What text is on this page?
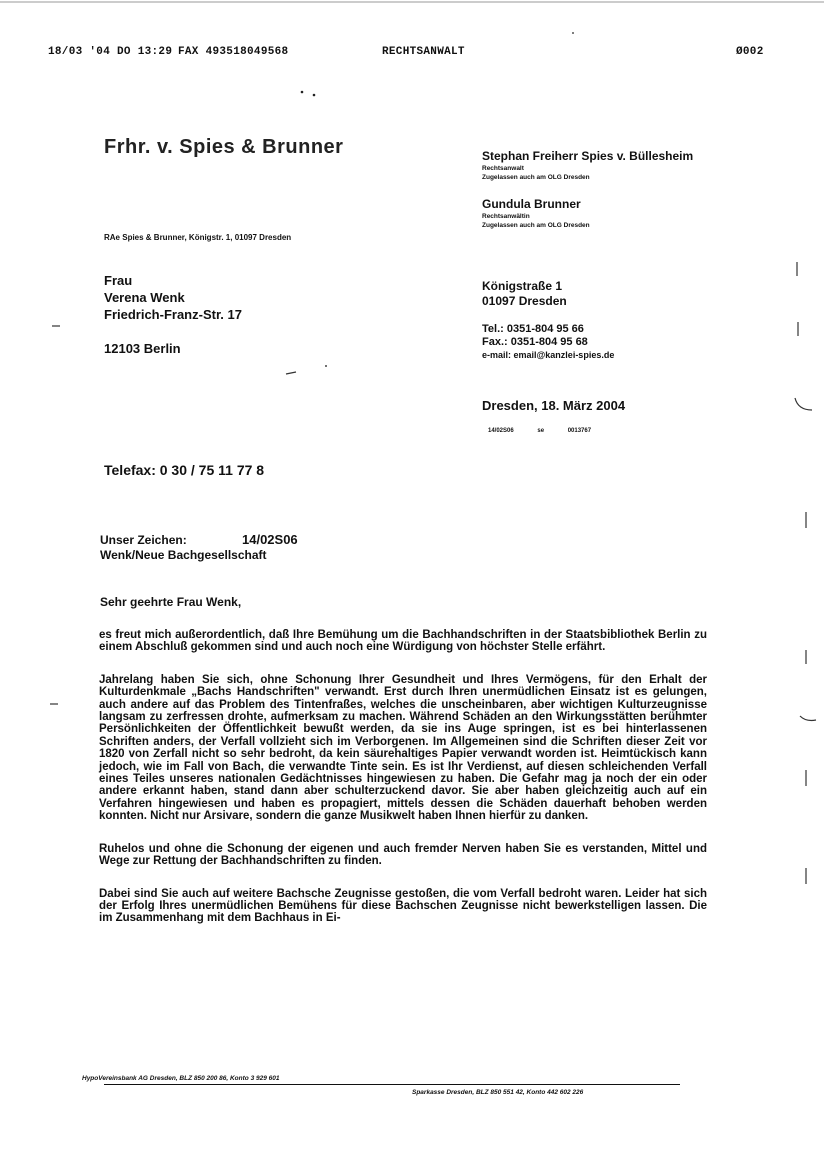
18/03 '04 DO 13:29 FAX 493518049568	RECHTSANWALT	Ø002
Frhr. v. Spies & Brunner	Stephan Freiherr Spies v. Büllesheim

Rechtsanwalt

Zugelassen auch am OLG Dresden

Gundula Brunner

Rechtsanwältin

Zugelassen auch am OLG Dresden

RAe Spies & Brunner, Königstr. 1, 01097 Dresden
Frau
Verena Wenk
Friedrich-Franz-Str. 17
12103 Berlin
Königstraße 1
01097 Dresden
Tel.: 0351-804 95 66
Fax.: 0351-804 95 68
e-mail: email@kanzlei-spies.de
Dresden, 18. März 2004
14/02S06 se 0013767
Telefax: 0 30 / 75 11 77 8
Unser Zeichen:	14/02S06
Wenk/Neue Bachgesellschaft
Sehr geehrte Frau Wenk,

es freut mich außerordentlich, daß Ihre Bemühung um die Bachhandschriften in der Staatsbibliothek Berlin zu einem Abschluß gekommen sind und auch noch eine Würdigung von höchster Stelle erfährt.

Jahrelang haben Sie sich, ohne Schonung Ihrer Gesundheit und Ihres Vermögens, für den Erhalt der Kulturdenkmale „Bachs Handschriften" verwandt. Erst durch Ihren unermüdlichen Einsatz ist es gelungen, auch andere auf das Problem des Tintenfraßes, welches die unscheinbaren, aber wichtigen Kulturzeugnisse langsam zu zerfressen drohte, aufmerksam zu machen. Während Schäden an den Wirkungsstätten berühmter Persönlichkeiten der Öffentlichkeit bewußt werden, da sie ins Auge springen, ist es bei hinterlassenen Schriften anders, der Verfall vollzieht sich im Verborgenen. Im Allgemeinen sind die Schriften dieser Zeit vor 1820 von Zerfall nicht so sehr bedroht, da kein säurehaltiges Papier verwandt worden ist. Heimtückisch kann jedoch, wie im Fall von Bach, die verwandte Tinte sein. Es ist Ihr Verdienst, auf diesen schleichenden Verfall eines Teiles unseres nationalen Gedächtnisses hingewiesen zu haben. Die Gefahr mag ja noch der ein oder andere erkannt haben, stand dann aber schulterzuckend davor. Sie aber haben gleichzeitig auch auf ein Verfahren hingewiesen und haben es propagiert, mittels dessen die Schäden dauerhaft behoben werden konnten. Nicht nur Arsivare, sondern die ganze Musikwelt haben Ihnen hierfür zu danken.

Ruhelos und ohne die Schonung der eigenen und auch fremder Nerven haben Sie es verstanden, Mittel und Wege zur Rettung der Bachhandschriften zu finden.

Dabei sind Sie auch auf weitere Bachsche Zeugnisse gestoßen, die vom Verfall bedroht waren. Leider hat sich der Erfolg Ihres unermüdlichen Bemühens für diese Bachschen Zeugnisse nicht bewerkstelligen lassen. Die im Zusammenhang mit dem Bachhaus in Ei-

HypoVereinsbank AG Dresden, BLZ 850 200 86, Konto 3 929 601
Sparkasse Dresden, BLZ 850 551 42, Konto 442 602 226
